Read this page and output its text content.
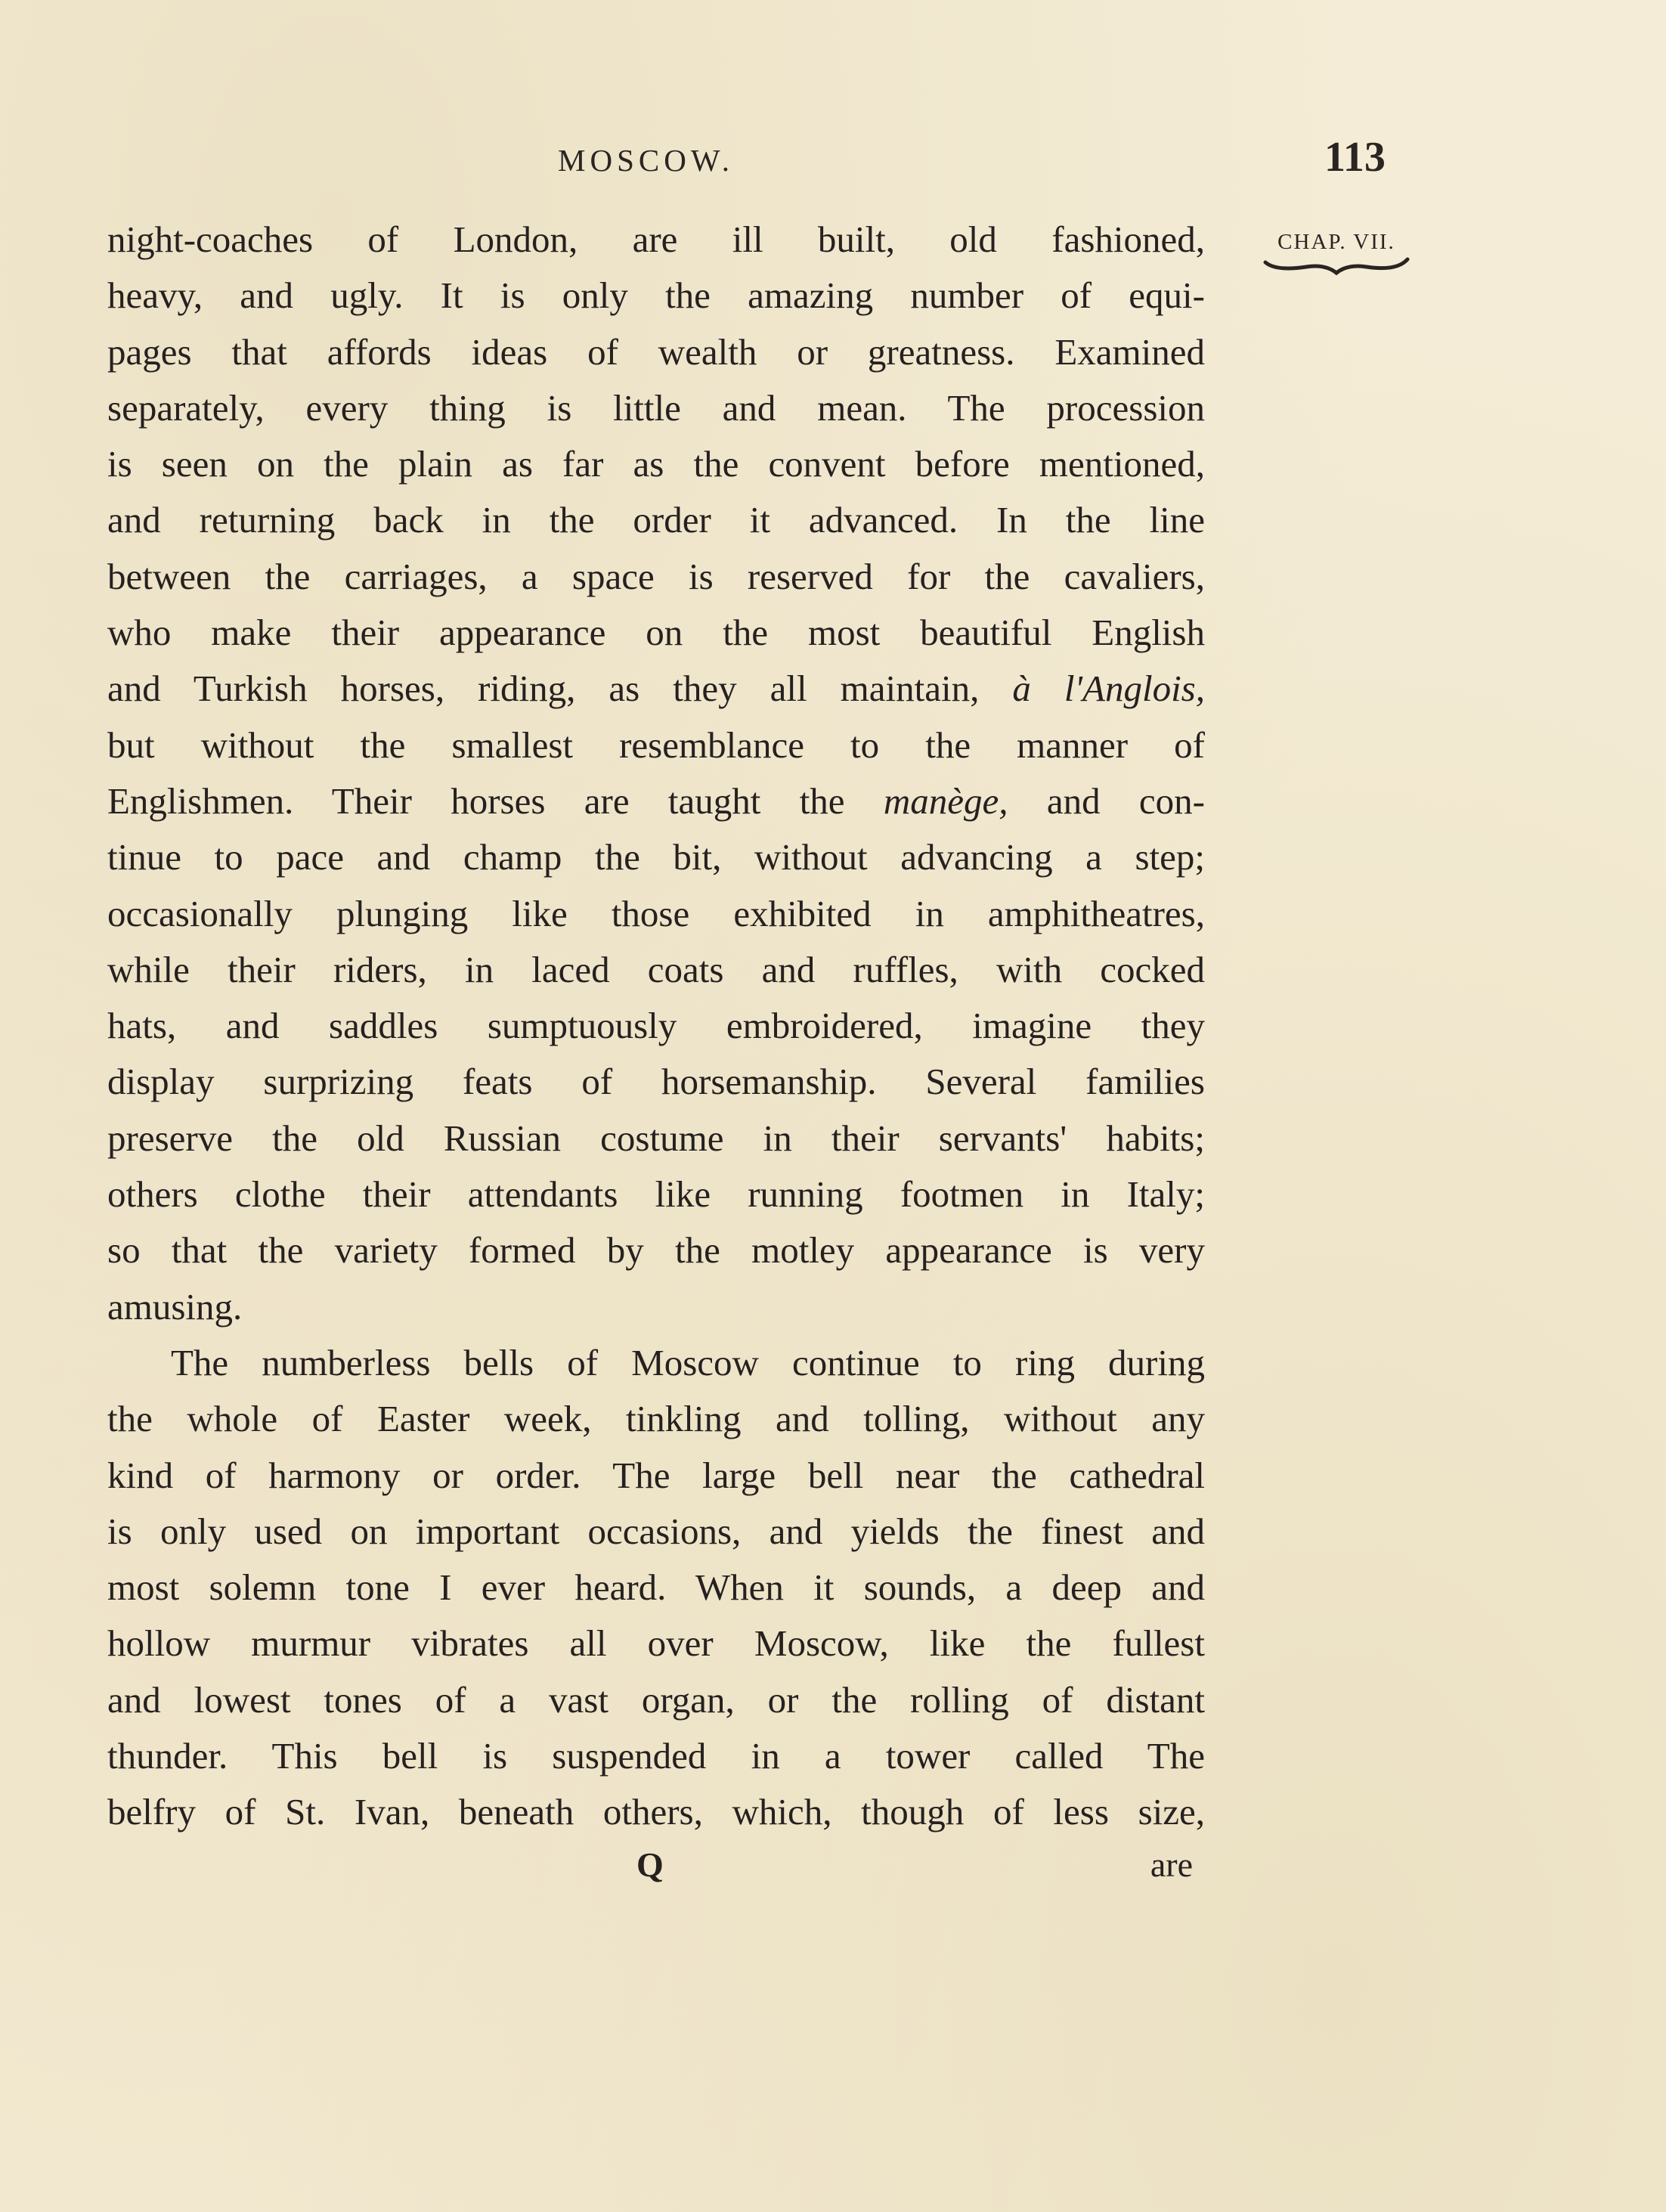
MOSCOW.	113
CHAP. VII.
night-coaches of London, are ill built, old fashioned,
heavy, and ugly. It is only the amazing number of equi-
pages that affords ideas of wealth or greatness. Examined
separately, every thing is little and mean. The procession
is seen on the plain as far as the convent before mentioned,
and returning back in the order it advanced. In the line
between the carriages, a space is reserved for the cavaliers,
who make their appearance on the most beautiful English
and Turkish horses, riding, as they all maintain, à l'Anglois,
but without the smallest resemblance to the manner of
Englishmen. Their horses are taught the manège, and con-
tinue to pace and champ the bit, without advancing a step;
occasionally plunging like those exhibited in amphitheatres,
while their riders, in laced coats and ruffles, with cocked
hats, and saddles sumptuously embroidered, imagine they
display surprizing feats of horsemanship. Several families
preserve the old Russian costume in their servants' habits;
others clothe their attendants like running footmen in Italy;
so that the variety formed by the motley appearance is very
amusing.
The numberless bells of Moscow continue to ring during
the whole of Easter week, tinkling and tolling, without any
kind of harmony or order. The large bell near the cathedral
is only used on important occasions, and yields the finest and
most solemn tone I ever heard. When it sounds, a deep and
hollow murmur vibrates all over Moscow, like the fullest
and lowest tones of a vast organ, or the rolling of distant
thunder. This bell is suspended in a tower called The
belfry of St. Ivan, beneath others, which, though of less size,
Q	are
